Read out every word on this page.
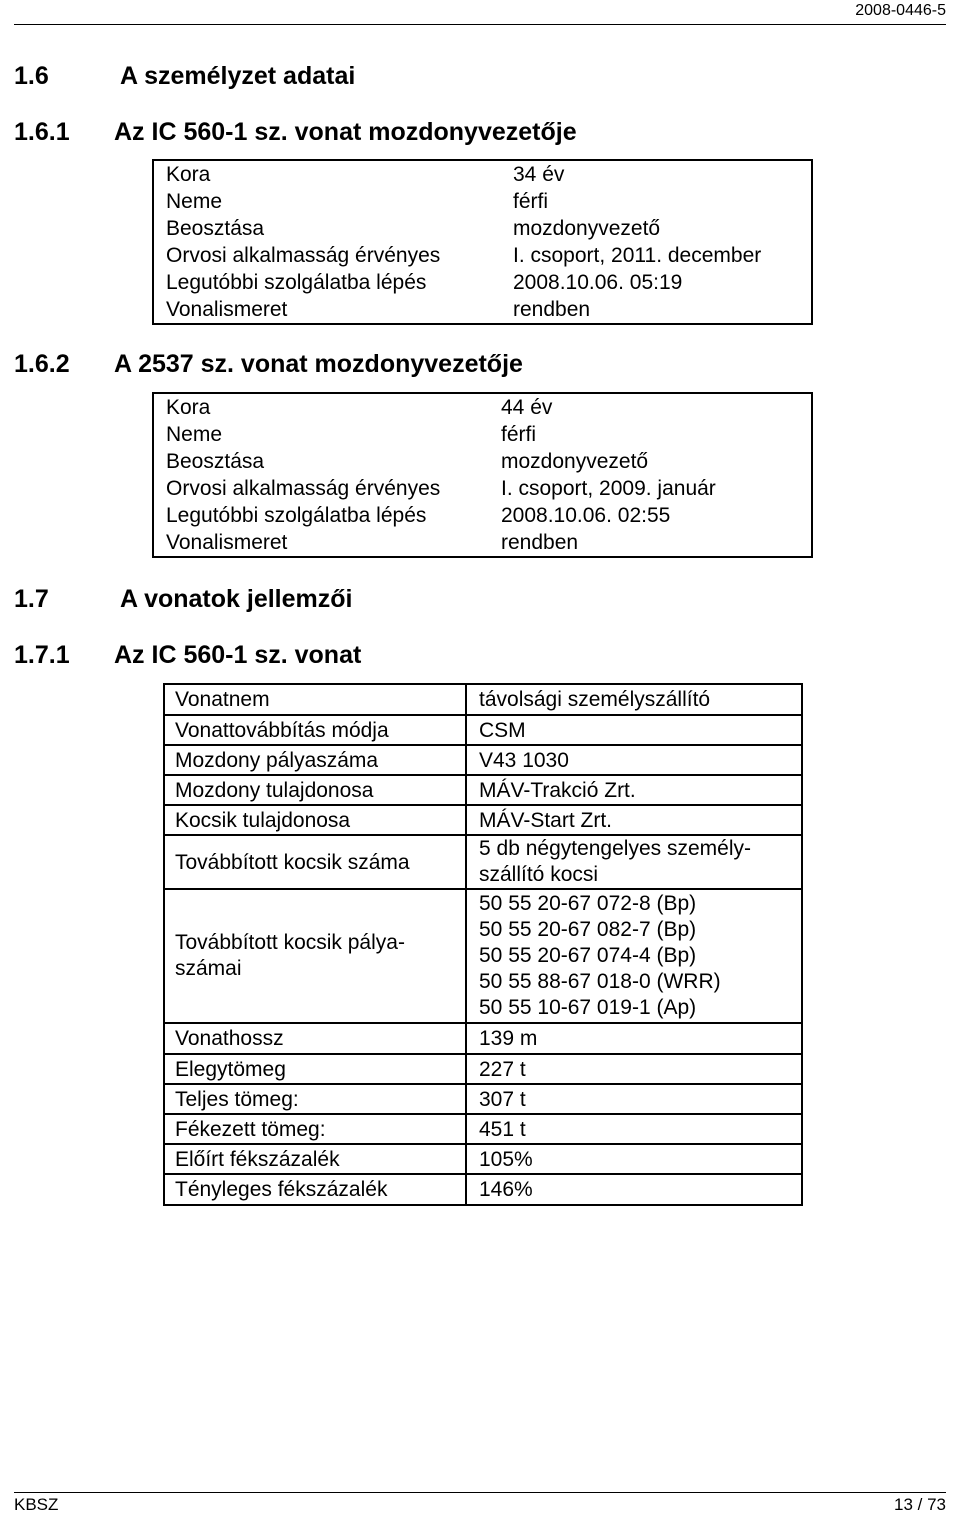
2008-0446-5
1.6	A személyzet adatai
1.6.1 Az IC 560-1 sz. vonat mozdonyvezetője
Kora	34 év
Neme	férfi
Beosztása	mozdonyvezető
Orvosi alkalmasság érvényes	I. csoport, 2011. december
Legutóbbi szolgálatba lépés	2008.10.06. 05:19
Vonalismeret	rendben
1.6.2 A 2537 sz. vonat mozdonyvezetője
Kora	44 év
Neme	férfi
Beosztása	mozdonyvezető
Orvosi alkalmasság érvényes	I. csoport, 2009. január
Legutóbbi szolgálatba lépés	2008.10.06. 02:55
Vonalismeret	rendben
1.7	A vonatok jellemzői
1.7.1 Az IC 560-1 sz. vonat
Vonatnem	távolsági személyszállító
Vonattovábbítás módja	CSM
Mozdony pályaszáma	V43 1030
Mozdony tulajdonosa	MÁV-Trakció Zrt.
Kocsik tulajdonosa	MÁV-Start Zrt.
Továbbított kocsik száma	5 db négytengelyes személy-
szállító kocsi

Továbbított kocsik pálya-
számai	50 55 20-67 072-8 (Bp)
50 55 20-67 082-7 (Bp)
50 55 20-67 074-4 (Bp)
50 55 88-67 018-0 (WRR)
50 55 10-67 019-1 (Ap)

Vonathossz	139 m
Elegytömeg	227 t
Teljes tömeg:	307 t
Fékezett tömeg:	451 t
Előírt fékszázalék	105%
Tényleges fékszázalék	146%
KBSZ	13 / 73
